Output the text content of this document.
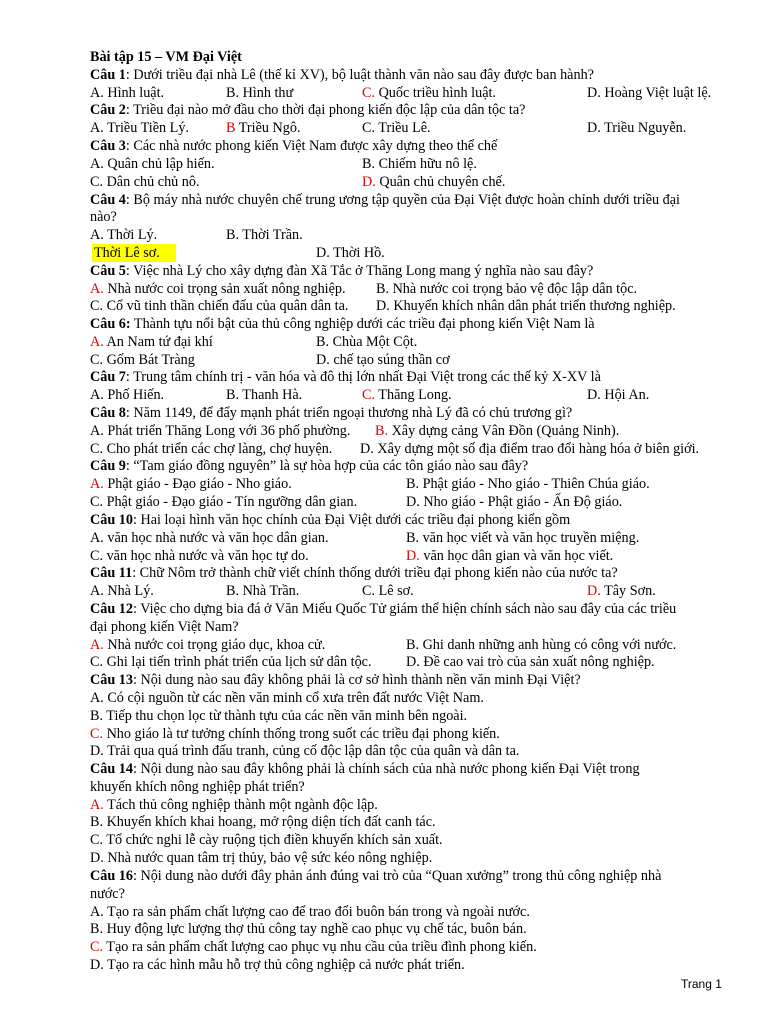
Bài tập 15 – VM Đại Việt
Câu 1: Dưới triều đại nhà Lê (thế kỉ XV), bộ luật thành văn nào sau đây được ban hành?
A. Hình luật.	B. Hình thư	C. Quốc triều hình luật.	D. Hoàng Việt luật lệ.
Câu 2: Triều đại nào mở đầu cho thời đại phong kiến độc lập của dân tộc ta?
A. Triều Tiền Lý.	B Triều Ngô.	C. Triều Lê.	D. Triều Nguyễn.
Câu 3: Các nhà nước phong kiến Việt Nam được xây dựng theo thể chế
A. Quân chủ lập hiến.	B. Chiếm hữu nô lệ.
C. Dân chủ chủ nô.	D. Quân chủ chuyên chế.
Câu 4: Bộ máy nhà nước chuyên chế trung ương tập quyền của Đại Việt được hoàn chỉnh dưới triều đại
nào?
A. Thời Lý.	B. Thời Trần.
Thời Lê sơ.	D. Thời Hồ.
Câu 5: Việc nhà Lý cho xây dựng đàn Xã Tắc ở Thăng Long mang ý nghĩa nào sau đây?
A. Nhà nước coi trọng sản xuất nông nghiệp. B. Nhà nước coi trọng bảo vệ độc lập dân tộc.
C. Cổ vũ tinh thần chiến đấu của quân dân ta. D. Khuyến khích nhân dân phát triển thương nghiệp.
Câu 6: Thành tựu nổi bật của thủ công nghiệp dưới các triều đại phong kiến Việt Nam là
A. An Nam tứ đại khí	B. Chùa Một Cột.
C. Gốm Bát Tràng	D. chế tạo súng thần cơ
Câu 7: Trung tâm chính trị - văn hóa và đô thị lớn nhất Đại Việt trong các thế kỷ X-XV là
A. Phố Hiến.	B. Thanh Hà.	C. Thăng Long.	D. Hội An.
Câu 8: Năm 1149, để đẩy mạnh phát triển ngoại thương nhà Lý đã có chủ trương gì?
A. Phát triển Thăng Long với 36 phố phường. B. Xây dựng cảng Vân Đồn (Quảng Ninh).
C. Cho phát triển các chợ làng, chợ huyện. D. Xây dựng một số địa điểm trao đổi hàng hóa ở biên giới.
Câu 9: “Tam giáo đồng nguyên” là sự hòa hợp của các tôn giáo nào sau đây?
A. Phật giáo - Đạo giáo - Nho giáo.	B. Phật giáo - Nho giáo - Thiên Chúa giáo.
C. Phật giáo - Đạo giáo - Tín ngưỡng dân gian.	D. Nho giáo - Phật giáo - Ấn Độ giáo.
Câu 10: Hai loại hình văn học chính của Đại Việt dưới các triều đại phong kiến gồm
A. văn học nhà nước và văn học dân gian.	B. văn học viết và văn học truyền miệng.
C. văn học nhà nước và văn học tự do.	D. văn học dân gian và văn học viết.
Câu 11: Chữ Nôm trở thành chữ viết chính thống dưới triều đại phong kiến nào của nước ta?
A. Nhà Lý.	B. Nhà Trần.	C. Lê sơ.	D. Tây Sơn.
Câu 12: Việc cho dựng bia đá ở Văn Miếu Quốc Tử giám thể hiện chính sách nào sau đây của các triều
đại phong kiến Việt Nam?
A. Nhà nước coi trọng giáo dục, khoa cử.	B. Ghi danh những anh hùng có công với nước.
C. Ghi lại tiến trình phát triển của lịch sử dân tộc. D. Đề cao vai trò của sản xuất nông nghiệp.
Câu 13: Nội dung nào sau đây không phải là cơ sở hình thành nền văn minh Đại Việt?
A. Có cội nguồn từ các nền văn minh cổ xưa trên đất nước Việt Nam.
B. Tiếp thu chọn lọc từ thành tựu của các nền văn minh bên ngoài.
C. Nho giáo là tư tưởng chính thống trong suốt các triều đại phong kiến.
D. Trải qua quá trình đấu tranh, củng cố độc lập dân tộc của quân và dân ta.
Câu 14: Nội dung nào sau đây không phải là chính sách của nhà nước phong kiến Đại Việt trong
khuyến khích nông nghiệp phát triển?
A. Tách thủ công nghiệp thành một ngành độc lập.
B. Khuyến khích khai hoang, mở rộng diện tích đất canh tác.
C. Tổ chức nghi lễ cày ruộng tịch điền khuyến khích sản xuất.
D. Nhà nước quan tâm trị thủy, bảo vệ sức kéo nông nghiệp.
Câu 16: Nội dung nào dưới đây phản ánh đúng vai trò của “Quan xưởng” trong thủ công nghiệp nhà
nước?
A. Tạo ra sản phẩm chất lượng cao để trao đổi buôn bán trong và ngoài nước.
B. Huy động lực lượng thợ thủ công tay nghề cao phục vụ chế tác, buôn bán.
C. Tạo ra sản phẩm chất lượng cao phục vụ nhu cầu của triều đình phong kiến.
D. Tạo ra các hình mẫu hỗ trợ thủ công nghiệp cả nước phát triển.
Trang 1
